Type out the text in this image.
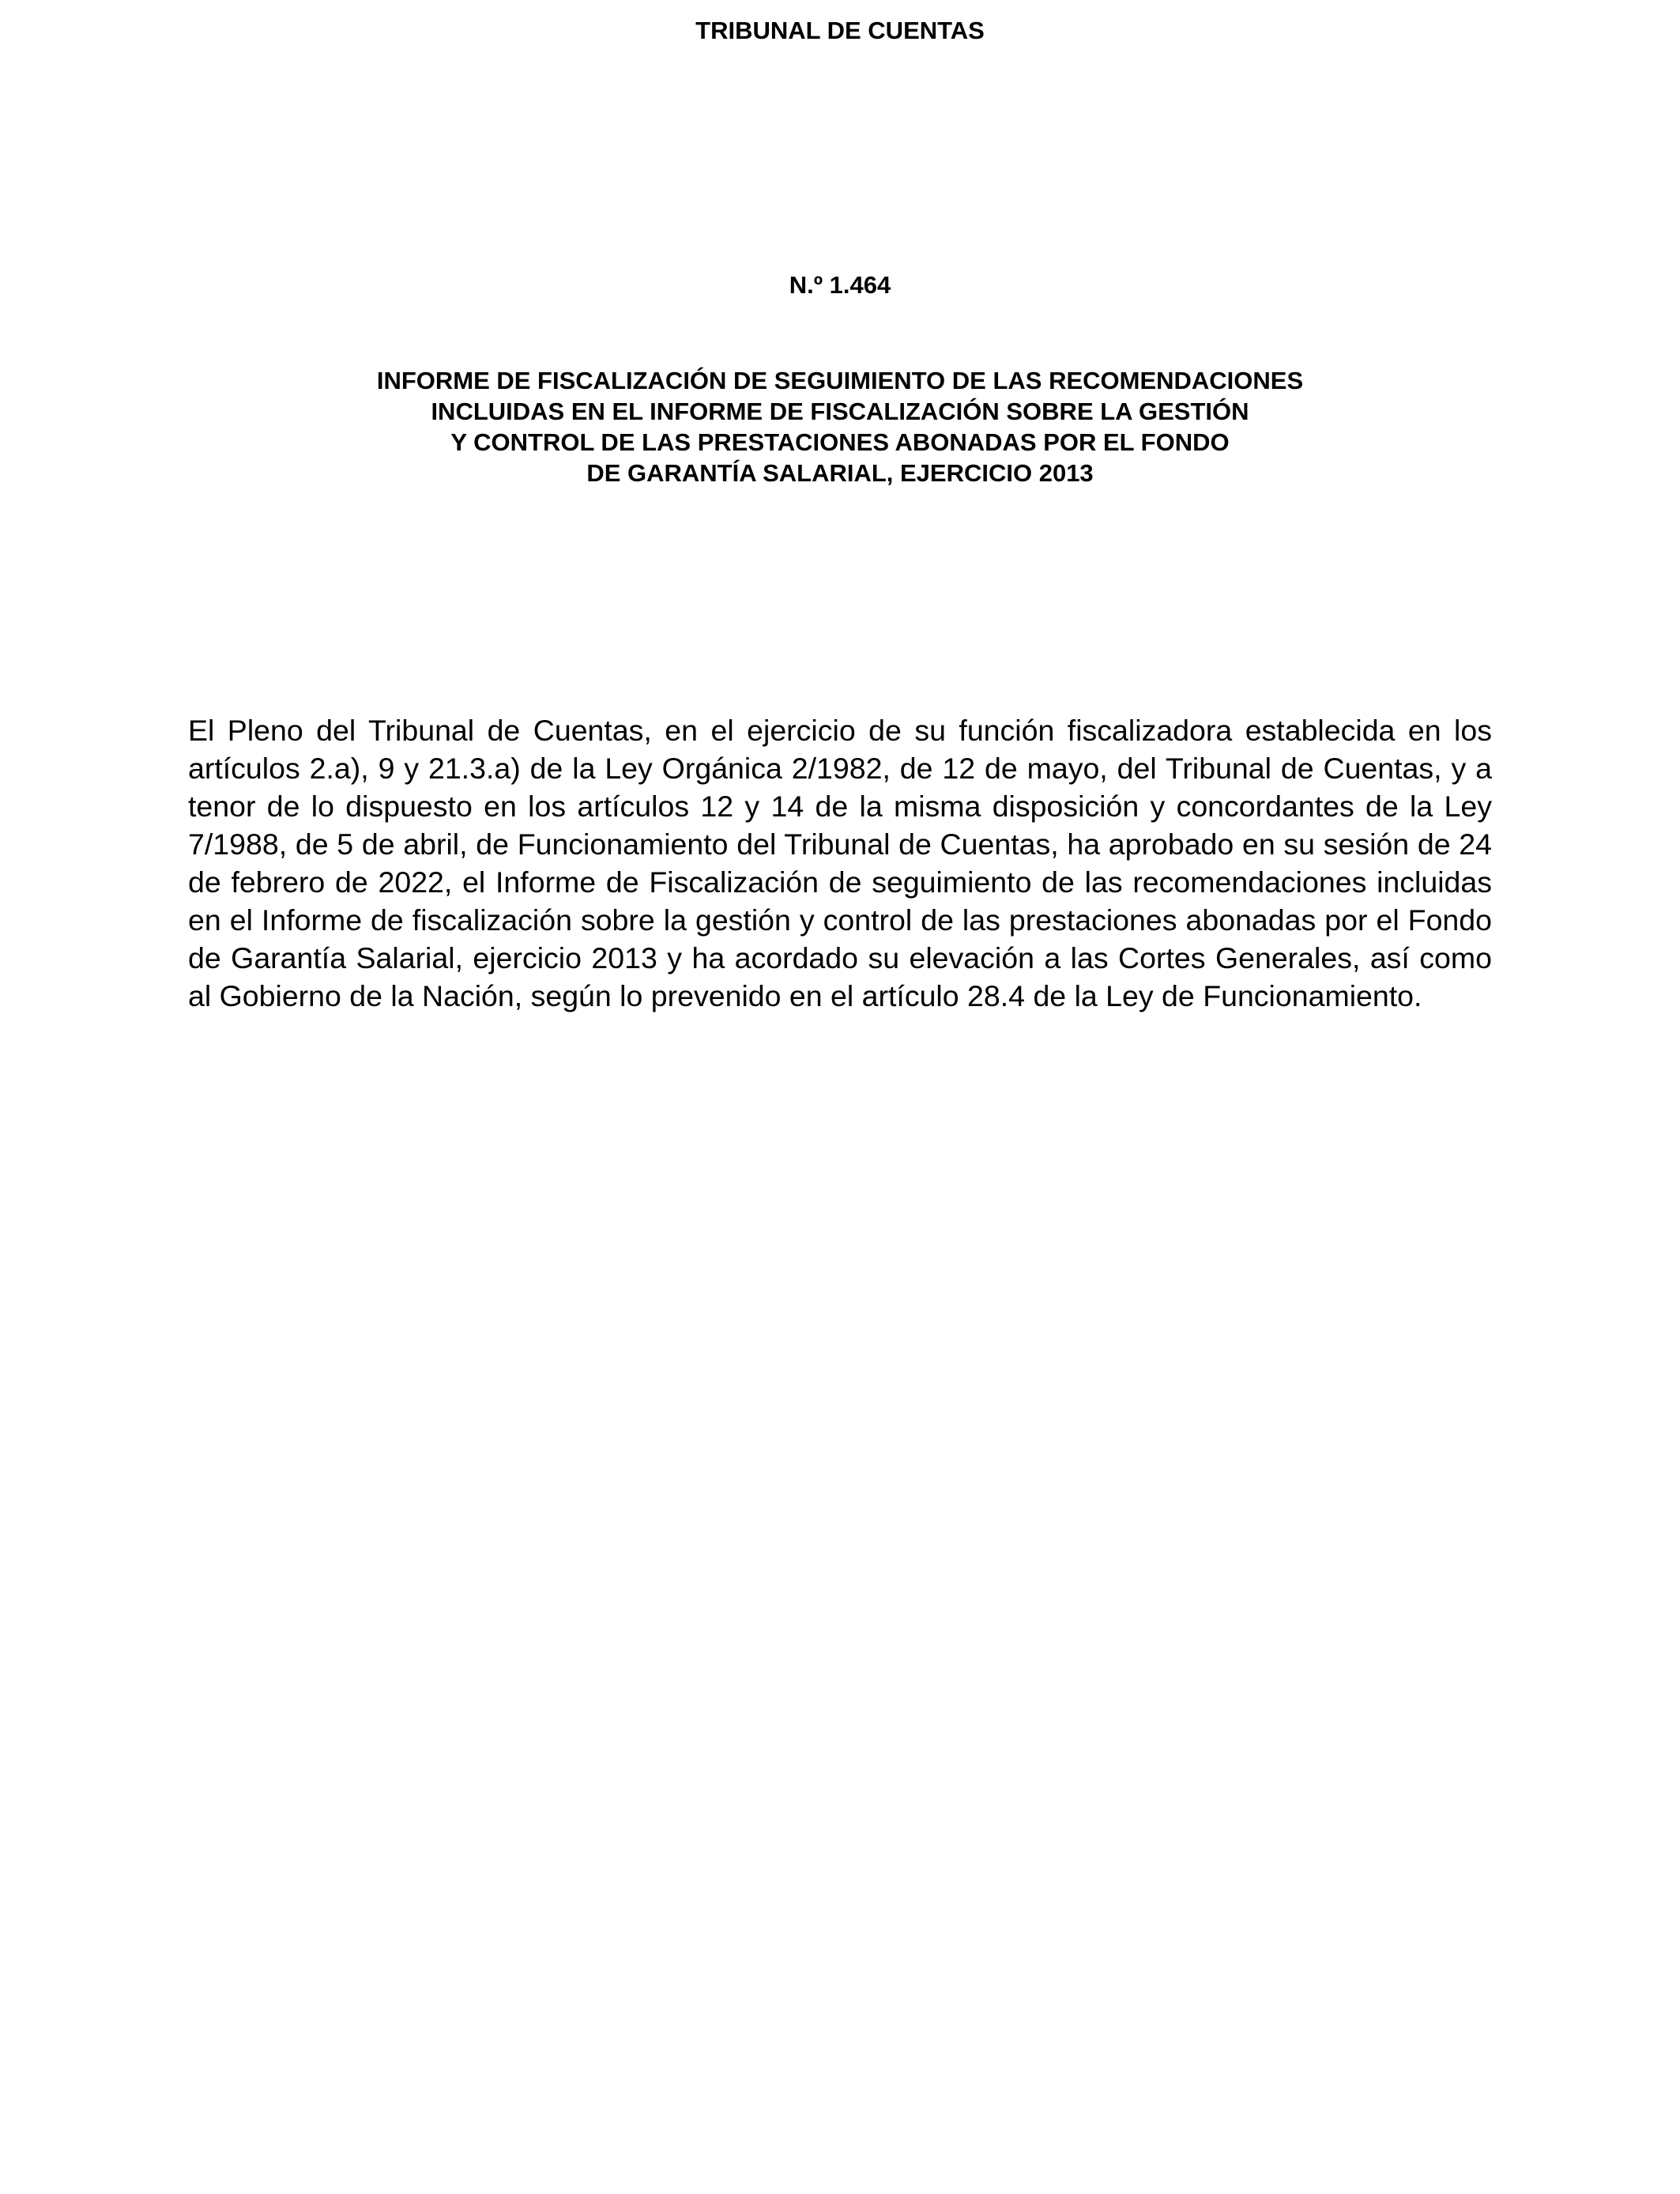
TRIBUNAL DE CUENTAS
N.º 1.464
INFORME DE FISCALIZACIÓN DE SEGUIMIENTO DE LAS RECOMENDACIONES
INCLUIDAS EN EL INFORME DE FISCALIZACIÓN SOBRE LA GESTIÓN
Y CONTROL DE LAS PRESTACIONES ABONADAS POR EL FONDO
DE GARANTÍA SALARIAL, EJERCICIO 2013

El Pleno del Tribunal de Cuentas, en el ejercicio de su función fiscalizadora establecida en los artículos 2.a), 9 y 21.3.a) de la Ley Orgánica 2/1982, de 12 de mayo, del Tribunal de Cuentas, y a tenor de lo dispuesto en los artículos 12 y 14 de la misma disposición y concordantes de la Ley 7/1988, de 5 de abril, de Funcionamiento del Tribunal de Cuentas, ha aprobado en su sesión de 24 de febrero de 2022, el Informe de Fiscalización de seguimiento de las recomendaciones incluidas en el Informe de fiscalización sobre la gestión y control de las prestaciones abonadas por el Fondo de Garantía Salarial, ejercicio 2013 y ha acordado su elevación a las Cortes Generales, así como al Gobierno de la Nación, según lo prevenido en el artículo 28.4 de la Ley de Funcionamiento.
